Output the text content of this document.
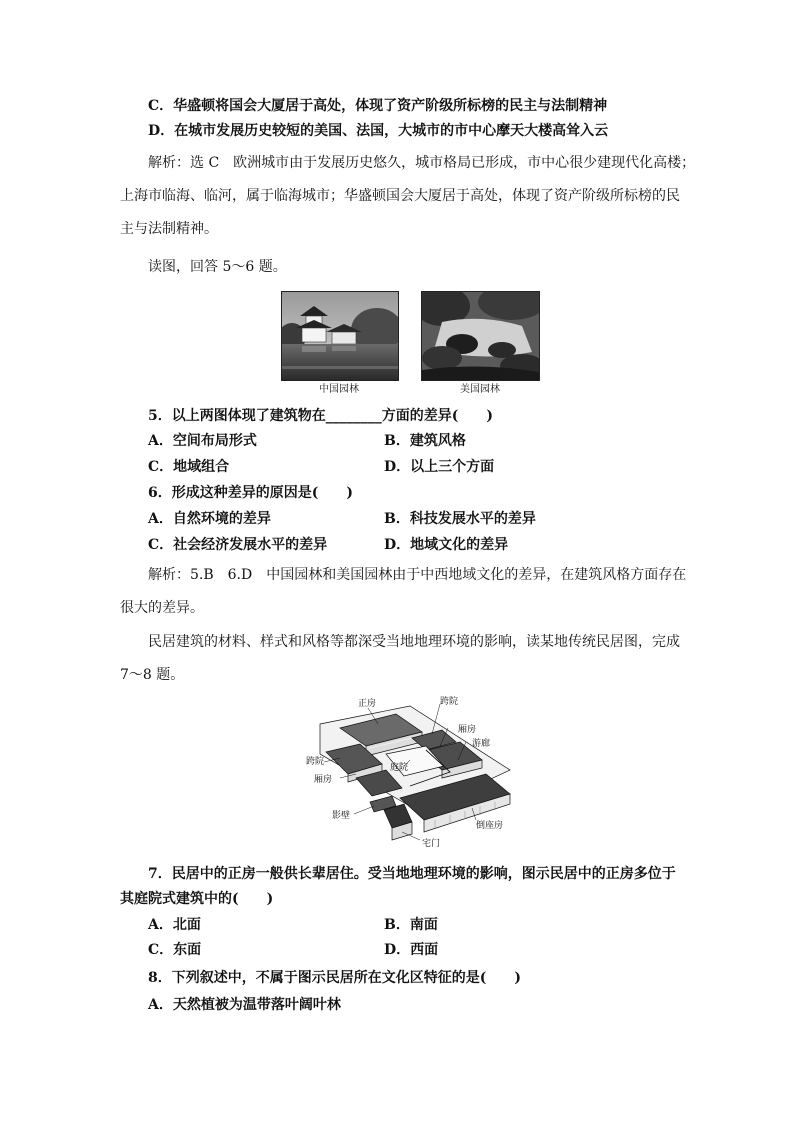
C．华盛顿将国会大厦居于高处，体现了资产阶级所标榜的民主与法制精神
D．在城市发展历史较短的美国、法国，大城市的市中心摩天大楼高耸入云
解析：选 C　欧洲城市由于发展历史悠久，城市格局已形成，市中心很少建现代化高楼；
上海市临海、临河，属于临海城市；华盛顿国会大厦居于高处，体现了资产阶级所标榜的民
主与法制精神。
读图，回答 5～6 题。
中国园林	美国园林
5．以上两图体现了建筑物在________方面的差异(　　)
A．空间布局形式	B．建筑风格
C．地域组合	D．以上三个方面
6．形成这种差异的原因是(　　)
A．自然环境的差异	B．科技发展水平的差异
C．社会经济发展水平的差异	D．地域文化的差异
解析：5.B　6.D　中国园林和美国园林由于中西地域文化的差异，在建筑风格方面存在
很大的差异。
民居建筑的材料、样式和风格等都深受当地地理环境的影响，读某地传统民居图，完成
7～8 题。
正房	跨院
厢房
游廊
跨院
庭院
厢房
影壁
倒座房
宅门
7．民居中的正房一般供长辈居住。受当地地理环境的影响，图示民居中的正房多位于
其庭院式建筑中的(　　)
A．北面	B．南面
C．东面	D．西面
8．下列叙述中，不属于图示民居所在文化区特征的是(　　)
A．天然植被为温带落叶阔叶林
